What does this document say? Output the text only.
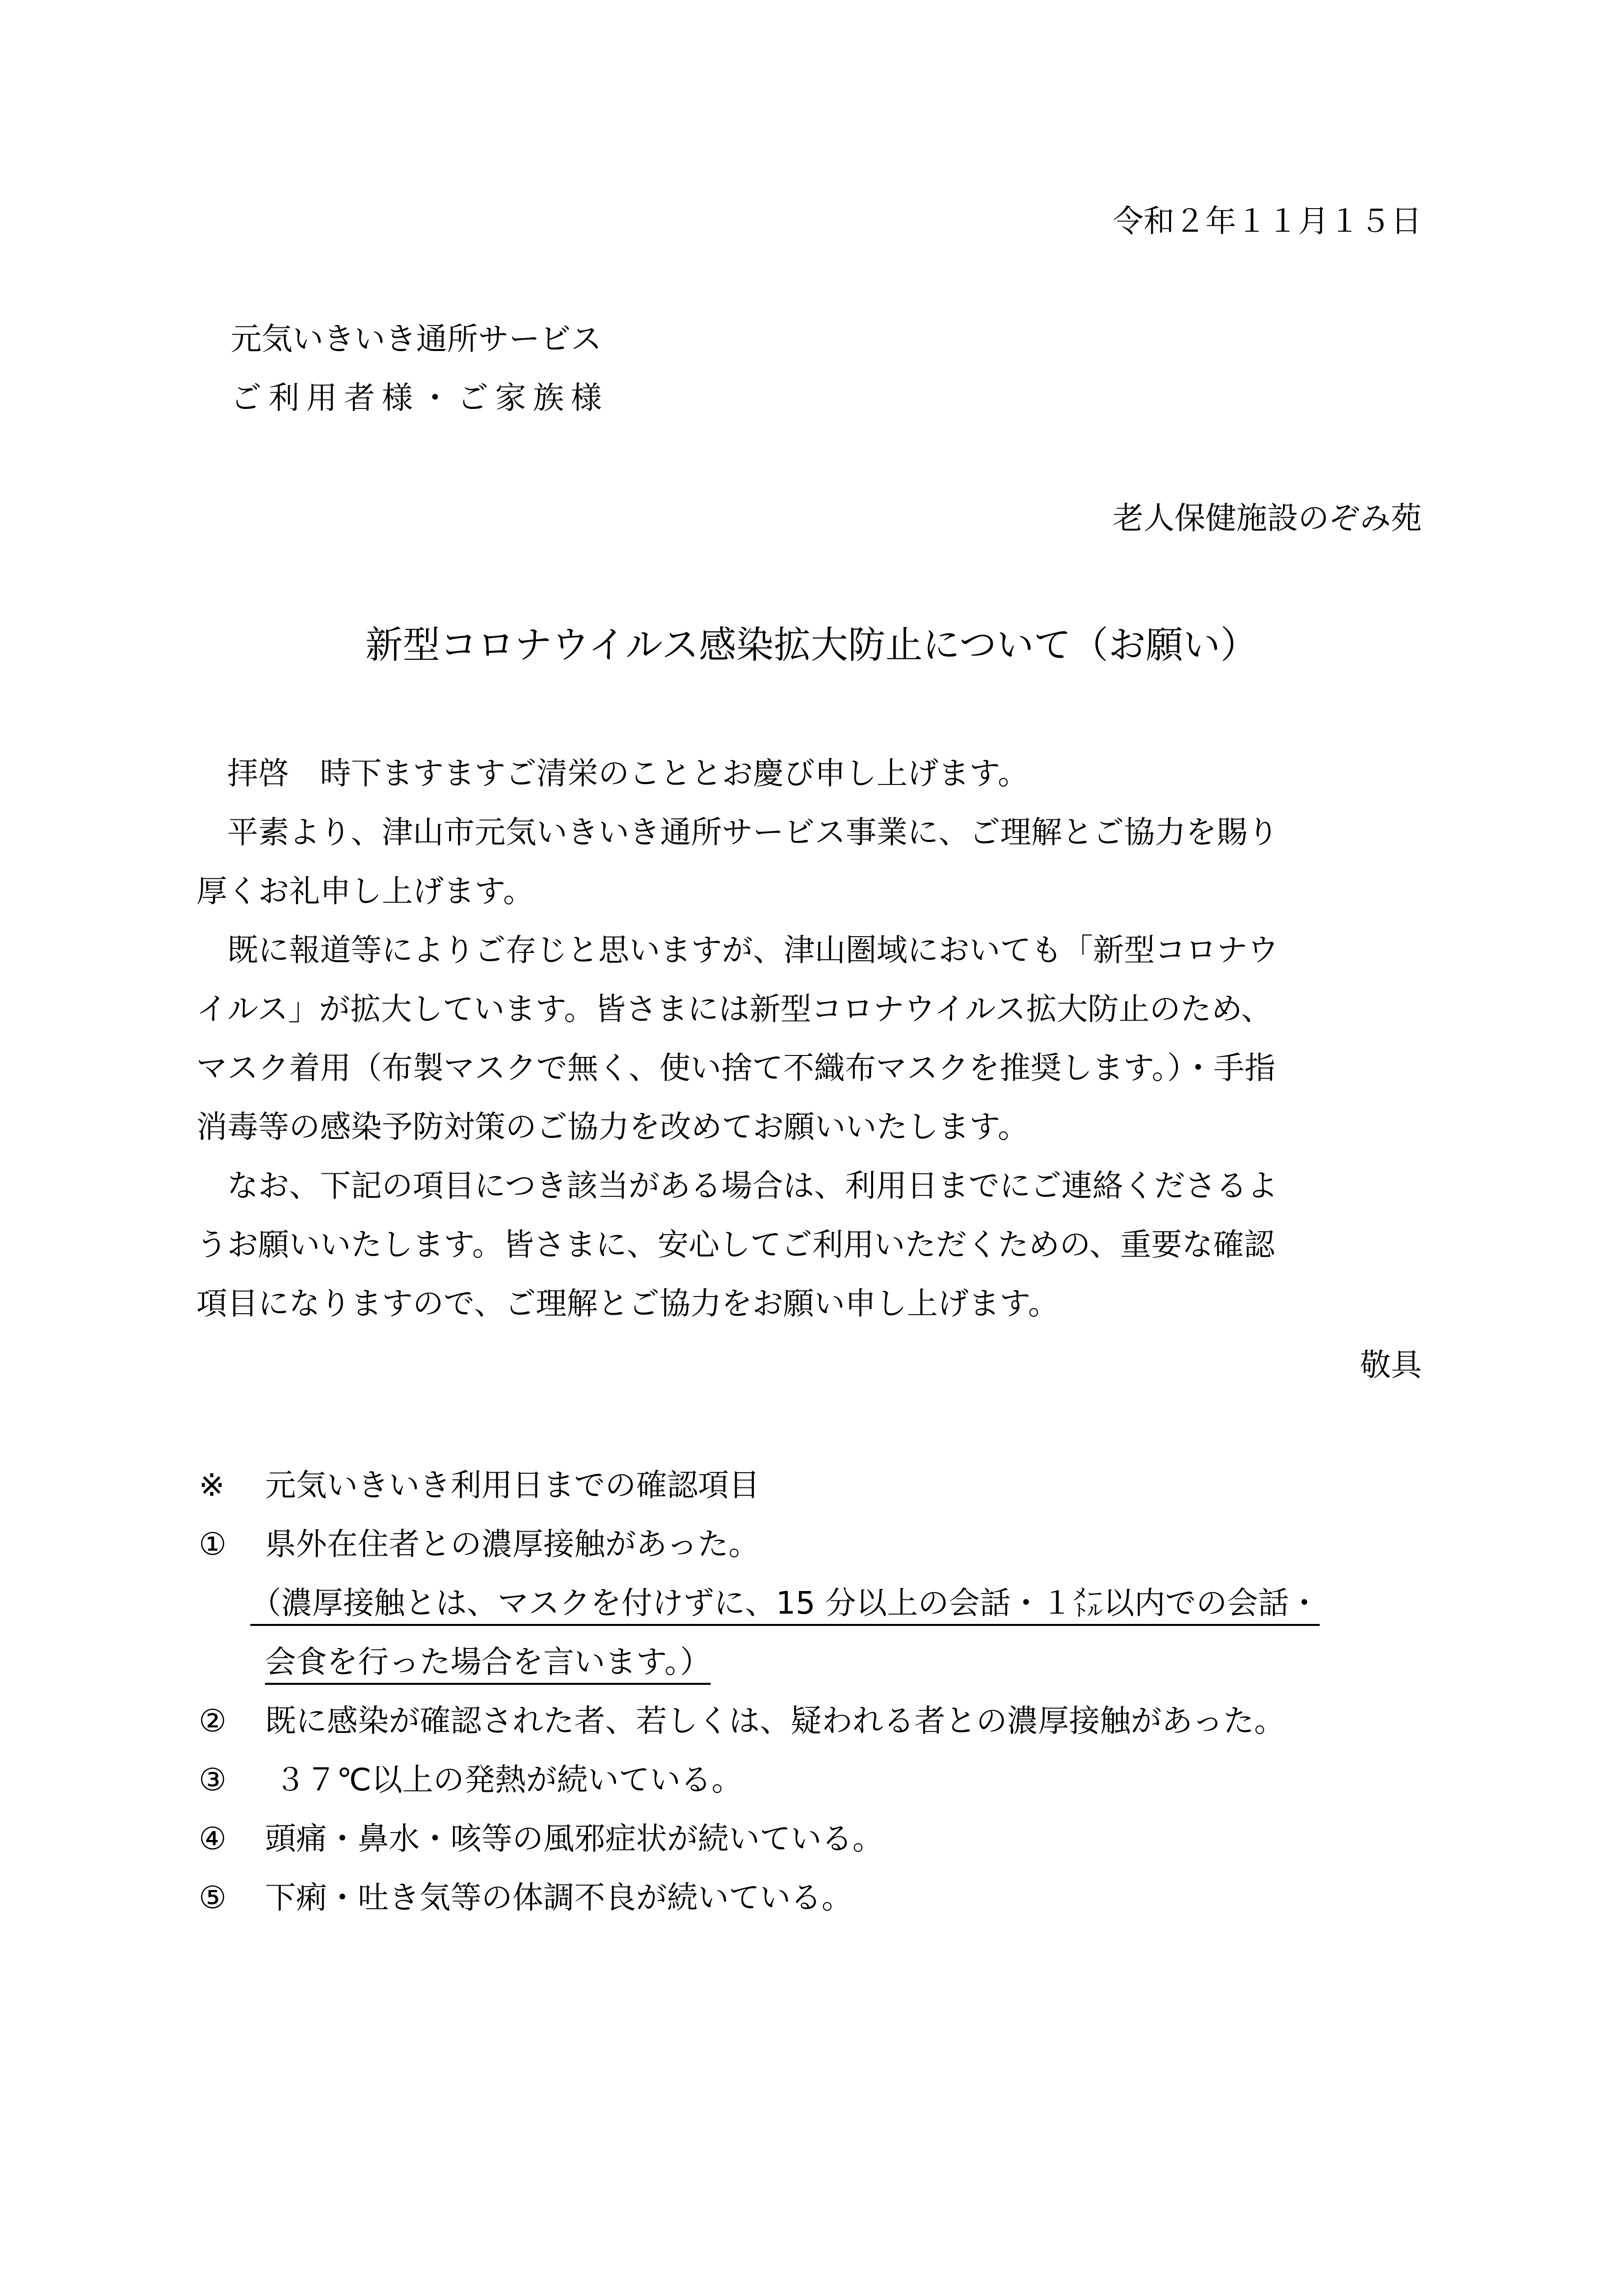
令和２年１１月１５日
元気いきいき通所サービス
ご利用者様・ご家族様
老人保健施設のぞみ苑
新型コロナウイルス感染拡大防止について（お願い）
　拝啓　時下ますますご清栄のこととお慶び申し上げます。
　平素より、津山市元気いきいき通所サービス事業に、ご理解とご協力を賜り
厚くお礼申し上げます。
　既に報道等によりご存じと思いますが、津山圏域においても「新型コロナウ
イルス」が拡大しています。皆さまには新型コロナウイルス拡大防止のため、
マスク着用（布製マスクで無く、使い捨て不織布マスクを推奨します。）・手指
消毒等の感染予防対策のご協力を改めてお願いいたします。
　なお、下記の項目につき該当がある場合は、利用日までにご連絡くださるよ
うお願いいたします。皆さまに、安心してご利用いただくための、重要な確認
項目になりますので、ご理解とご協力をお願い申し上げます。
敬具
※	元気いきいき利用日までの確認項目
①	県外在住者との濃厚接触があった。
（濃厚接触とは、マスクを付けずに、15 分以上の会話・１㍍以内での会話・
会食を行った場合を言います。）
②	既に感染が確認された者、若しくは、疑われる者との濃厚接触があった。
③	３７℃以上の発熱が続いている。
④	頭痛・鼻水・咳等の風邪症状が続いている。
⑤	下痢・吐き気等の体調不良が続いている。
